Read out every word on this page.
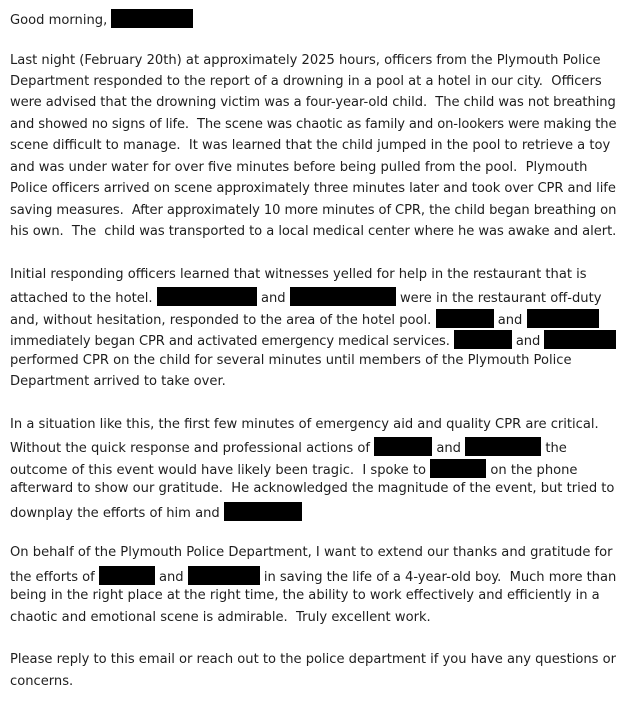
Good morning,
Last night (February 20th) at approximately 2025 hours, officers from the Plymouth Police
Department responded to the report of a drowning in a pool at a hotel in our city.  Officers
were advised that the drowning victim was a four-year-old child.  The child was not breathing
and showed no signs of life.  The scene was chaotic as family and on-lookers were making the
scene difficult to manage.  It was learned that the child jumped in the pool to retrieve a toy
and was under water for over five minutes before being pulled from the pool.  Plymouth
Police officers arrived on scene approximately three minutes later and took over CPR and life
saving measures.  After approximately 10 more minutes of CPR, the child began breathing on
his own.  The  child was transported to a local medical center where he was awake and alert.
Initial responding officers learned that witnesses yelled for help in the restaurant that is
attached to the hotel.	and	were in the restaurant off-duty
and, without hesitation, responded to the area of the hotel pool.	and
immediately began CPR and activated emergency medical services.	and
performed CPR on the child for several minutes until members of the Plymouth Police
Department arrived to take over.
In a situation like this, the first few minutes of emergency aid and quality CPR are critical.
Without the quick response and professional actions of	and	the
outcome of this event would have likely been tragic.  I spoke to	on the phone
afterward to show our gratitude.  He acknowledged the magnitude of the event, but tried to
downplay the efforts of him and
On behalf of the Plymouth Police Department, I want to extend our thanks and gratitude for
the efforts of	and	in saving the life of a 4-year-old boy.  Much more than
being in the right place at the right time, the ability to work effectively and efficiently in a
chaotic and emotional scene is admirable.  Truly excellent work.
Please reply to this email or reach out to the police department if you have any questions or
concerns.
